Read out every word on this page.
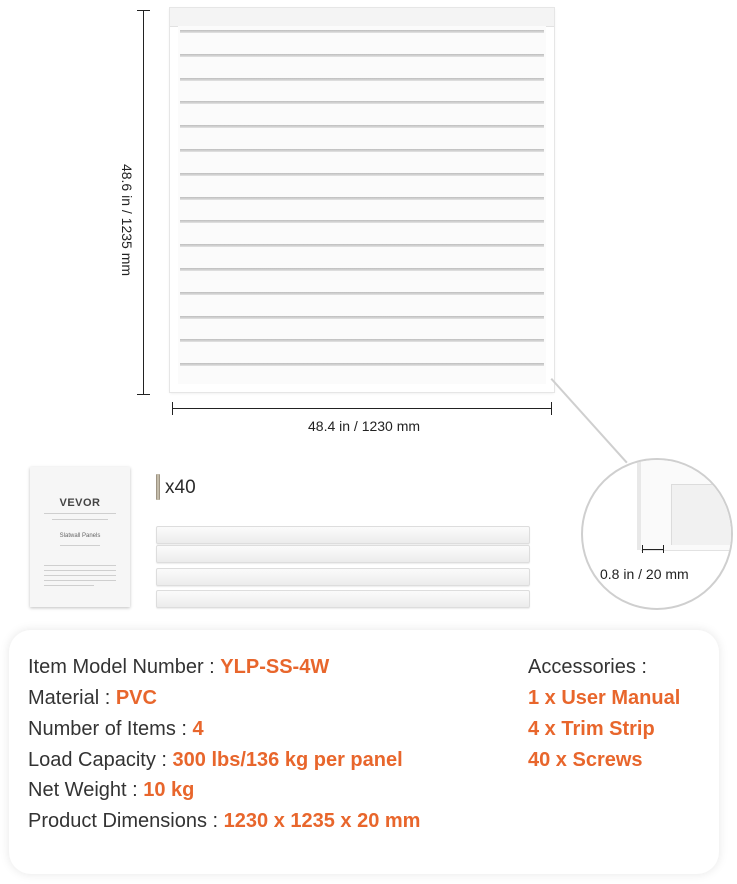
48.6 in / 1235 mm
48.4 in / 1230 mm
0.8 in / 20 mm
VEVOR
Slatwall Panels
x40
Item Model Number : YLP-SS-4W
Material : PVC
Number of Items : 4
Load Capacity : 300 lbs/136 kg per panel
Net Weight : 10 kg
Product Dimensions : 1230 x 1235 x 20 mm
Accessories :
1 x User Manual
4 x Trim Strip
40 x Screws
